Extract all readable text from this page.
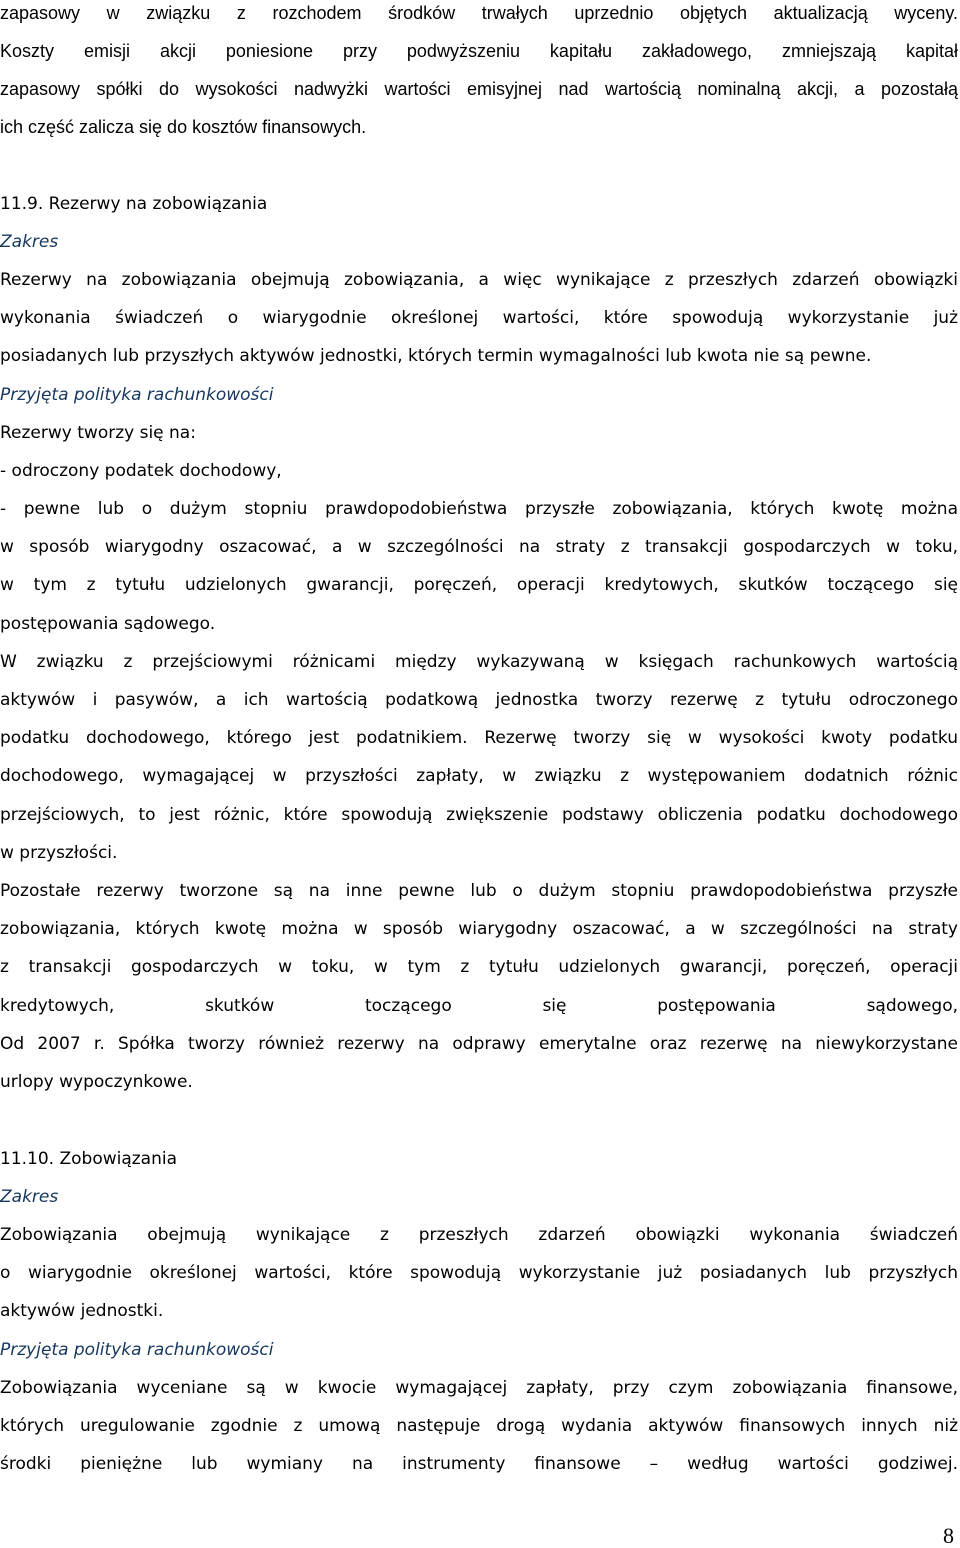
zapasowy w związku z rozchodem środków trwałych uprzednio objętych aktualizacją wyceny.

Koszty emisji akcji poniesione przy podwyższeniu kapitału zakładowego, zmniejszają kapitał

zapasowy spółki do wysokości nadwyżki wartości emisyjnej nad wartością nominalną akcji, a pozostałą

ich część zalicza się do kosztów finansowych.

11.9. Rezerwy na zobowiązania

Zakres

Rezerwy na zobowiązania obejmują zobowiązania, a więc wynikające z przeszłych zdarzeń obowiązki

wykonania świadczeń o wiarygodnie określonej wartości, które spowodują wykorzystanie już

posiadanych lub przyszłych aktywów jednostki, których termin wymagalności lub kwota nie są pewne.

Przyjęta polityka rachunkowości

Rezerwy tworzy się na:

- odroczony podatek dochodowy,

- pewne lub o dużym stopniu prawdopodobieństwa przyszłe zobowiązania, których kwotę można

w sposób wiarygodny oszacować, a w szczególności na straty z transakcji gospodarczych w toku,

w tym z tytułu udzielonych gwarancji, poręczeń, operacji kredytowych, skutków toczącego się

postępowania sądowego.

W związku z przejściowymi różnicami między wykazywaną w księgach rachunkowych wartością

aktywów i pasywów, a ich wartością podatkową jednostka tworzy rezerwę z tytułu odroczonego

podatku dochodowego, którego jest podatnikiem. Rezerwę tworzy się w wysokości kwoty podatku

dochodowego, wymagającej w przyszłości zapłaty, w związku z występowaniem dodatnich różnic

przejściowych, to jest różnic, które spowodują zwiększenie podstawy obliczenia podatku dochodowego

w przyszłości.

Pozostałe rezerwy tworzone są na inne pewne lub o dużym stopniu prawdopodobieństwa przyszłe

zobowiązania, których kwotę można w sposób wiarygodny oszacować, a w szczególności na straty

z transakcji gospodarczych w toku, w tym z tytułu udzielonych gwarancji, poręczeń, operacji

kredytowych, skutków toczącego się postępowania sądowego,

Od 2007 r. Spółka tworzy również rezerwy na odprawy emerytalne oraz rezerwę na niewykorzystane

urlopy wypoczynkowe.

11.10. Zobowiązania

Zakres

Zobowiązania obejmują wynikające z przeszłych zdarzeń obowiązki wykonania świadczeń

o wiarygodnie określonej wartości, które spowodują wykorzystanie już posiadanych lub przyszłych

aktywów jednostki.

Przyjęta polityka rachunkowości

Zobowiązania wyceniane są w kwocie wymagającej zapłaty, przy czym zobowiązania finansowe,

których uregulowanie zgodnie z umową następuje drogą wydania aktywów finansowych innych niż

środki pieniężne lub wymiany na instrumenty finansowe – według wartości godziwej.

8
